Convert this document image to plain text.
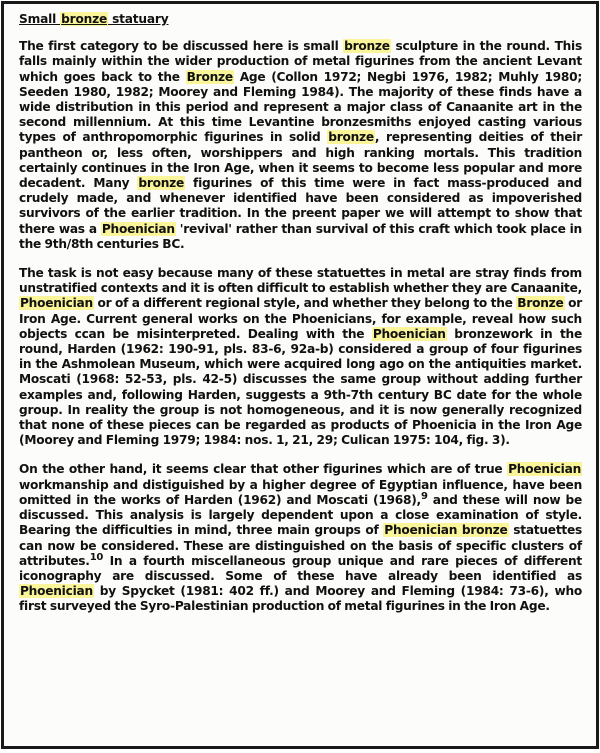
Small bronze statuary

The first category to be discussed here is small bronze sculpture in the round. This falls mainly within the wider production of metal figurines from the ancient Levant which goes back to the Bronze Age (Collon 1972; Negbi 1976, 1982; Muhly 1980; Seeden 1980, 1982; Moorey and Fleming 1984). The majority of these finds have a wide distribution in this period and represent a major class of Canaanite art in the second millennium. At this time Levantine bronzesmiths enjoyed casting various types of anthropomorphic figurines in solid bronze, representing deities of their pantheon or, less often, worshippers and high ranking mortals. This tradition certainly continues in the Iron Age, when it seems to become less popular and more decadent. Many bronze figurines of this time were in fact mass-produced and crudely made, and whenever identified have been considered as impoverished survivors of the earlier tradition. In the preent paper we will attempt to show that there was a Phoenician 'revival' rather than survival of this craft which took place in the 9th/8th centuries BC.

The task is not easy because many of these statuettes in metal are stray finds from unstratified contexts and it is often difficult to establish whether they are Canaanite, Phoenician or of a different regional style, and whether they belong to the Bronze or Iron Age. Current general works on the Phoenicians, for example, reveal how such objects ccan be misinterpreted. Dealing with the Phoenician bronzework in the round, Harden (1962: 190-91, pls. 83-6, 92a-b) considered a group of four figurines in the Ashmolean Museum, which were acquired long ago on the antiquities market. Moscati (1968: 52-53, pls. 42-5) discusses the same group without adding further examples and, following Harden, suggests a 9th-7th century BC date for the whole group. In reality the group is not homogeneous, and it is now generally recognized that none of these pieces can be regarded as products of Phoenicia in the Iron Age (Moorey and Fleming 1979; 1984: nos. 1, 21, 29; Culican 1975: 104, fig. 3).

On the other hand, it seems clear that other figurines which are of true Phoenician workmanship and distiguished by a higher degree of Egyptian influence, have been omitted in the works of Harden (1962) and Moscati (1968),$^9$ and these will now be discussed. This analysis is largely dependent upon a close examination of style. Bearing the difficulties in mind, three main groups of Phoenician bronze statuettes can now be considered. These are distinguished on the basis of specific clusters of attributes.$^{10}$ In a fourth miscellaneous group unique and rare pieces of different iconography are discussed. Some of these have already been identified as Phoenician by Spycket (1981: 402 ff.) and Moorey and Fleming (1984: 73-6), who first surveyed the Syro-Palestinian production of metal figurines in the Iron Age.
